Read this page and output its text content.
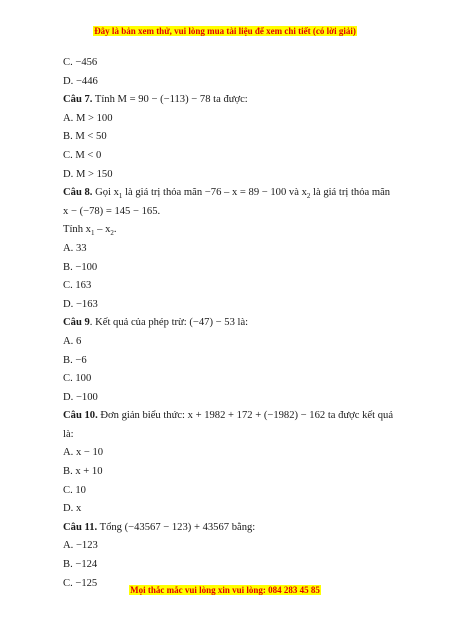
Đây là bản xem thử, vui lòng mua tài liệu để xem chi tiết (có lời giải)
C. −456
D. −446
Câu 7. Tính M = 90 − (−113) − 78 ta được:
A. M > 100
B. M < 50
C. M < 0
D. M > 150
Câu 8. Gọi $x_1$ là giá trị thỏa mãn −76 – x = 89 − 100 và $x_2$ là giá trị thỏa mãn
x − (−78) = 145 − 165.
Tính $x_1 - x_2$.
A. 33
B. −100
C. 163
D. −163
Câu 9. Kết quả của phép trừ: (−47) − 53 là:
A. 6
B. −6
C. 100
D. −100
Câu 10. Đơn giản biểu thức: x + 1982 + 172 + (−1982) − 162 ta được kết quả
là:
A. x − 10
B. x + 10
C. 10
D. x
Câu 11. Tổng (−43567 − 123) + 43567 bằng:
A. −123
B. −124
C. −125
Mọi thắc mắc vui lòng xin vui lòng: 084 283 45 85
